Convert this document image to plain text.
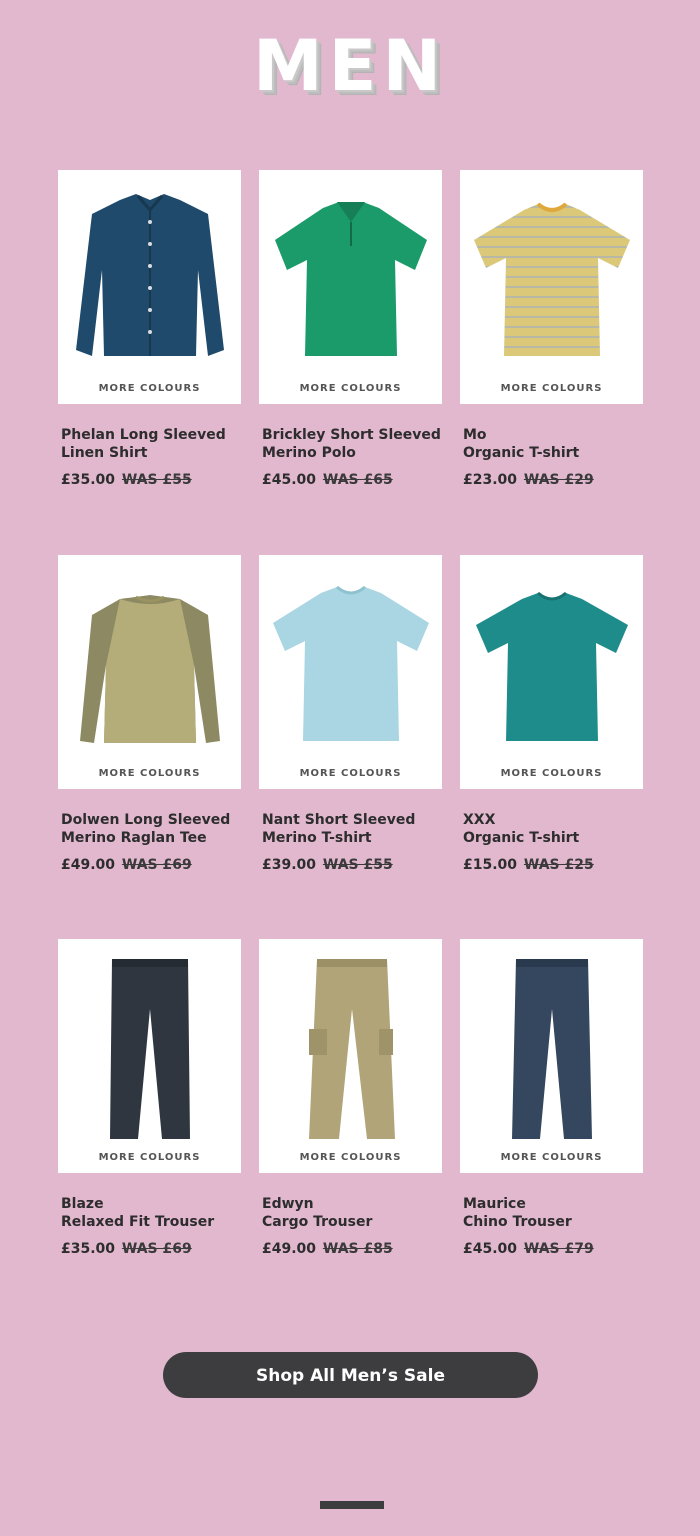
MEN
MORE COLOURS
Phelan Long Sleeved
Linen Shirt
£35.00 WAS £55
MORE COLOURS
Brickley Short Sleeved
Merino Polo
£45.00 WAS £65
MORE COLOURS
Mo
Organic T-shirt
£23.00 WAS £29
MORE COLOURS
Dolwen Long Sleeved
Merino Raglan Tee
£49.00 WAS £69
MORE COLOURS
Nant Short Sleeved
Merino T-shirt
£39.00 WAS £55
MORE COLOURS
XXX
Organic T-shirt
£15.00 WAS £25
MORE COLOURS
Blaze
Relaxed Fit Trouser
£35.00 WAS £69
MORE COLOURS
Edwyn
Cargo Trouser
£49.00 WAS £85
MORE COLOURS
Maurice
Chino Trouser
£45.00 WAS £79
Shop All Men’s Sale
